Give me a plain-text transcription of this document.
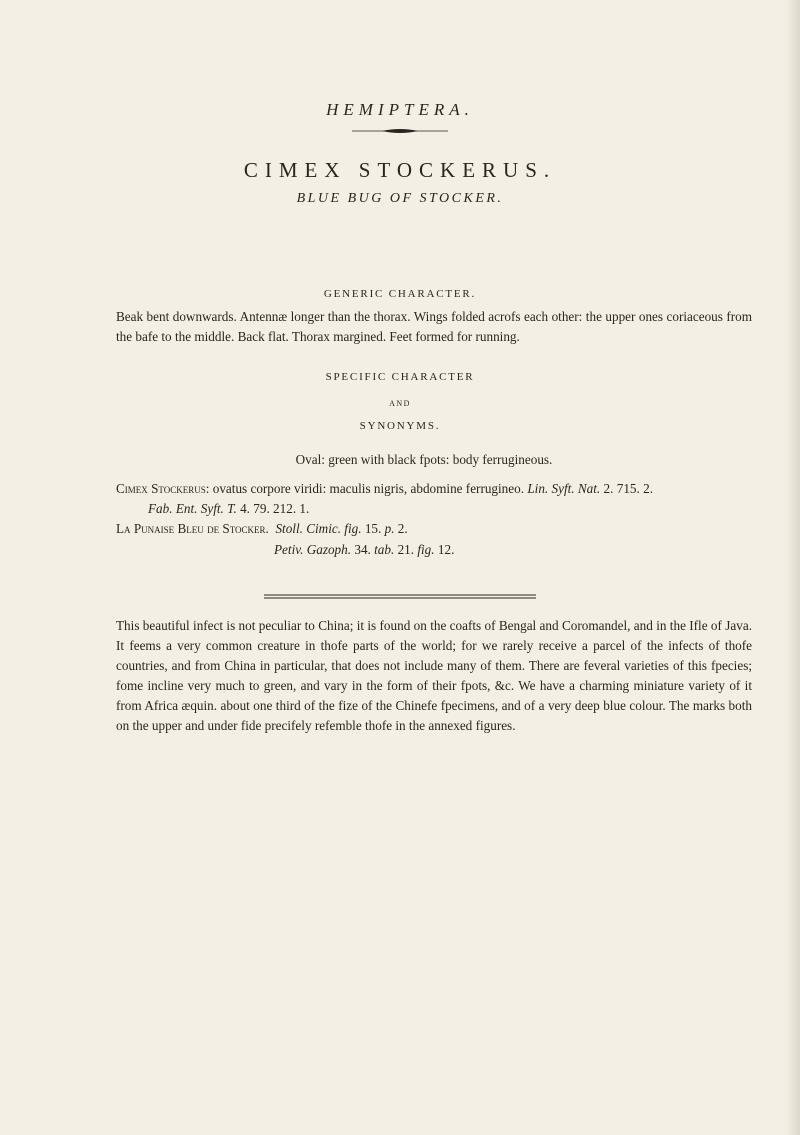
HEMIPTERA.
CIMEX STOCKERUS.
BLUE BUG OF STOCKER.
GENERIC CHARACTER.
Beak bent downwards. Antennæ longer than the thorax. Wings folded acrofs each other: the upper ones coriaceous from the bafe to the middle. Back flat. Thorax margined. Feet formed for running.
SPECIFIC CHARACTER
AND
SYNONYMS.
Oval: green with black fpots: body ferrugineous.
Cimex Stockerus: ovatus corpore viridi: maculis nigris, abdomine ferrugineo. Lin. Syft. Nat. 2. 715. 2.
Fab. Ent. Syft. T. 4. 79. 212. 1.
La Punaise Bleu de Stocker. Stoll. Cimic. fig. 15. p. 2.
Petiv. Gazoph. 34. tab. 21. fig. 12.
This beautiful infect is not peculiar to China; it is found on the coafts of Bengal and Coromandel, and in the Ifle of Java. It feems a very common creature in thofe parts of the world; for we rarely receive a parcel of the infects of thofe countries, and from China in particular, that does not include many of them. There are feveral varieties of this fpecies; fome incline very much to green, and vary in the form of their fpots, &c. We have a charming miniature variety of it from Africa æquin. about one third of the fize of the Chinefe fpecimens, and of a very deep blue colour. The marks both on the upper and under fide precifely refemble thofe in the annexed figures.
